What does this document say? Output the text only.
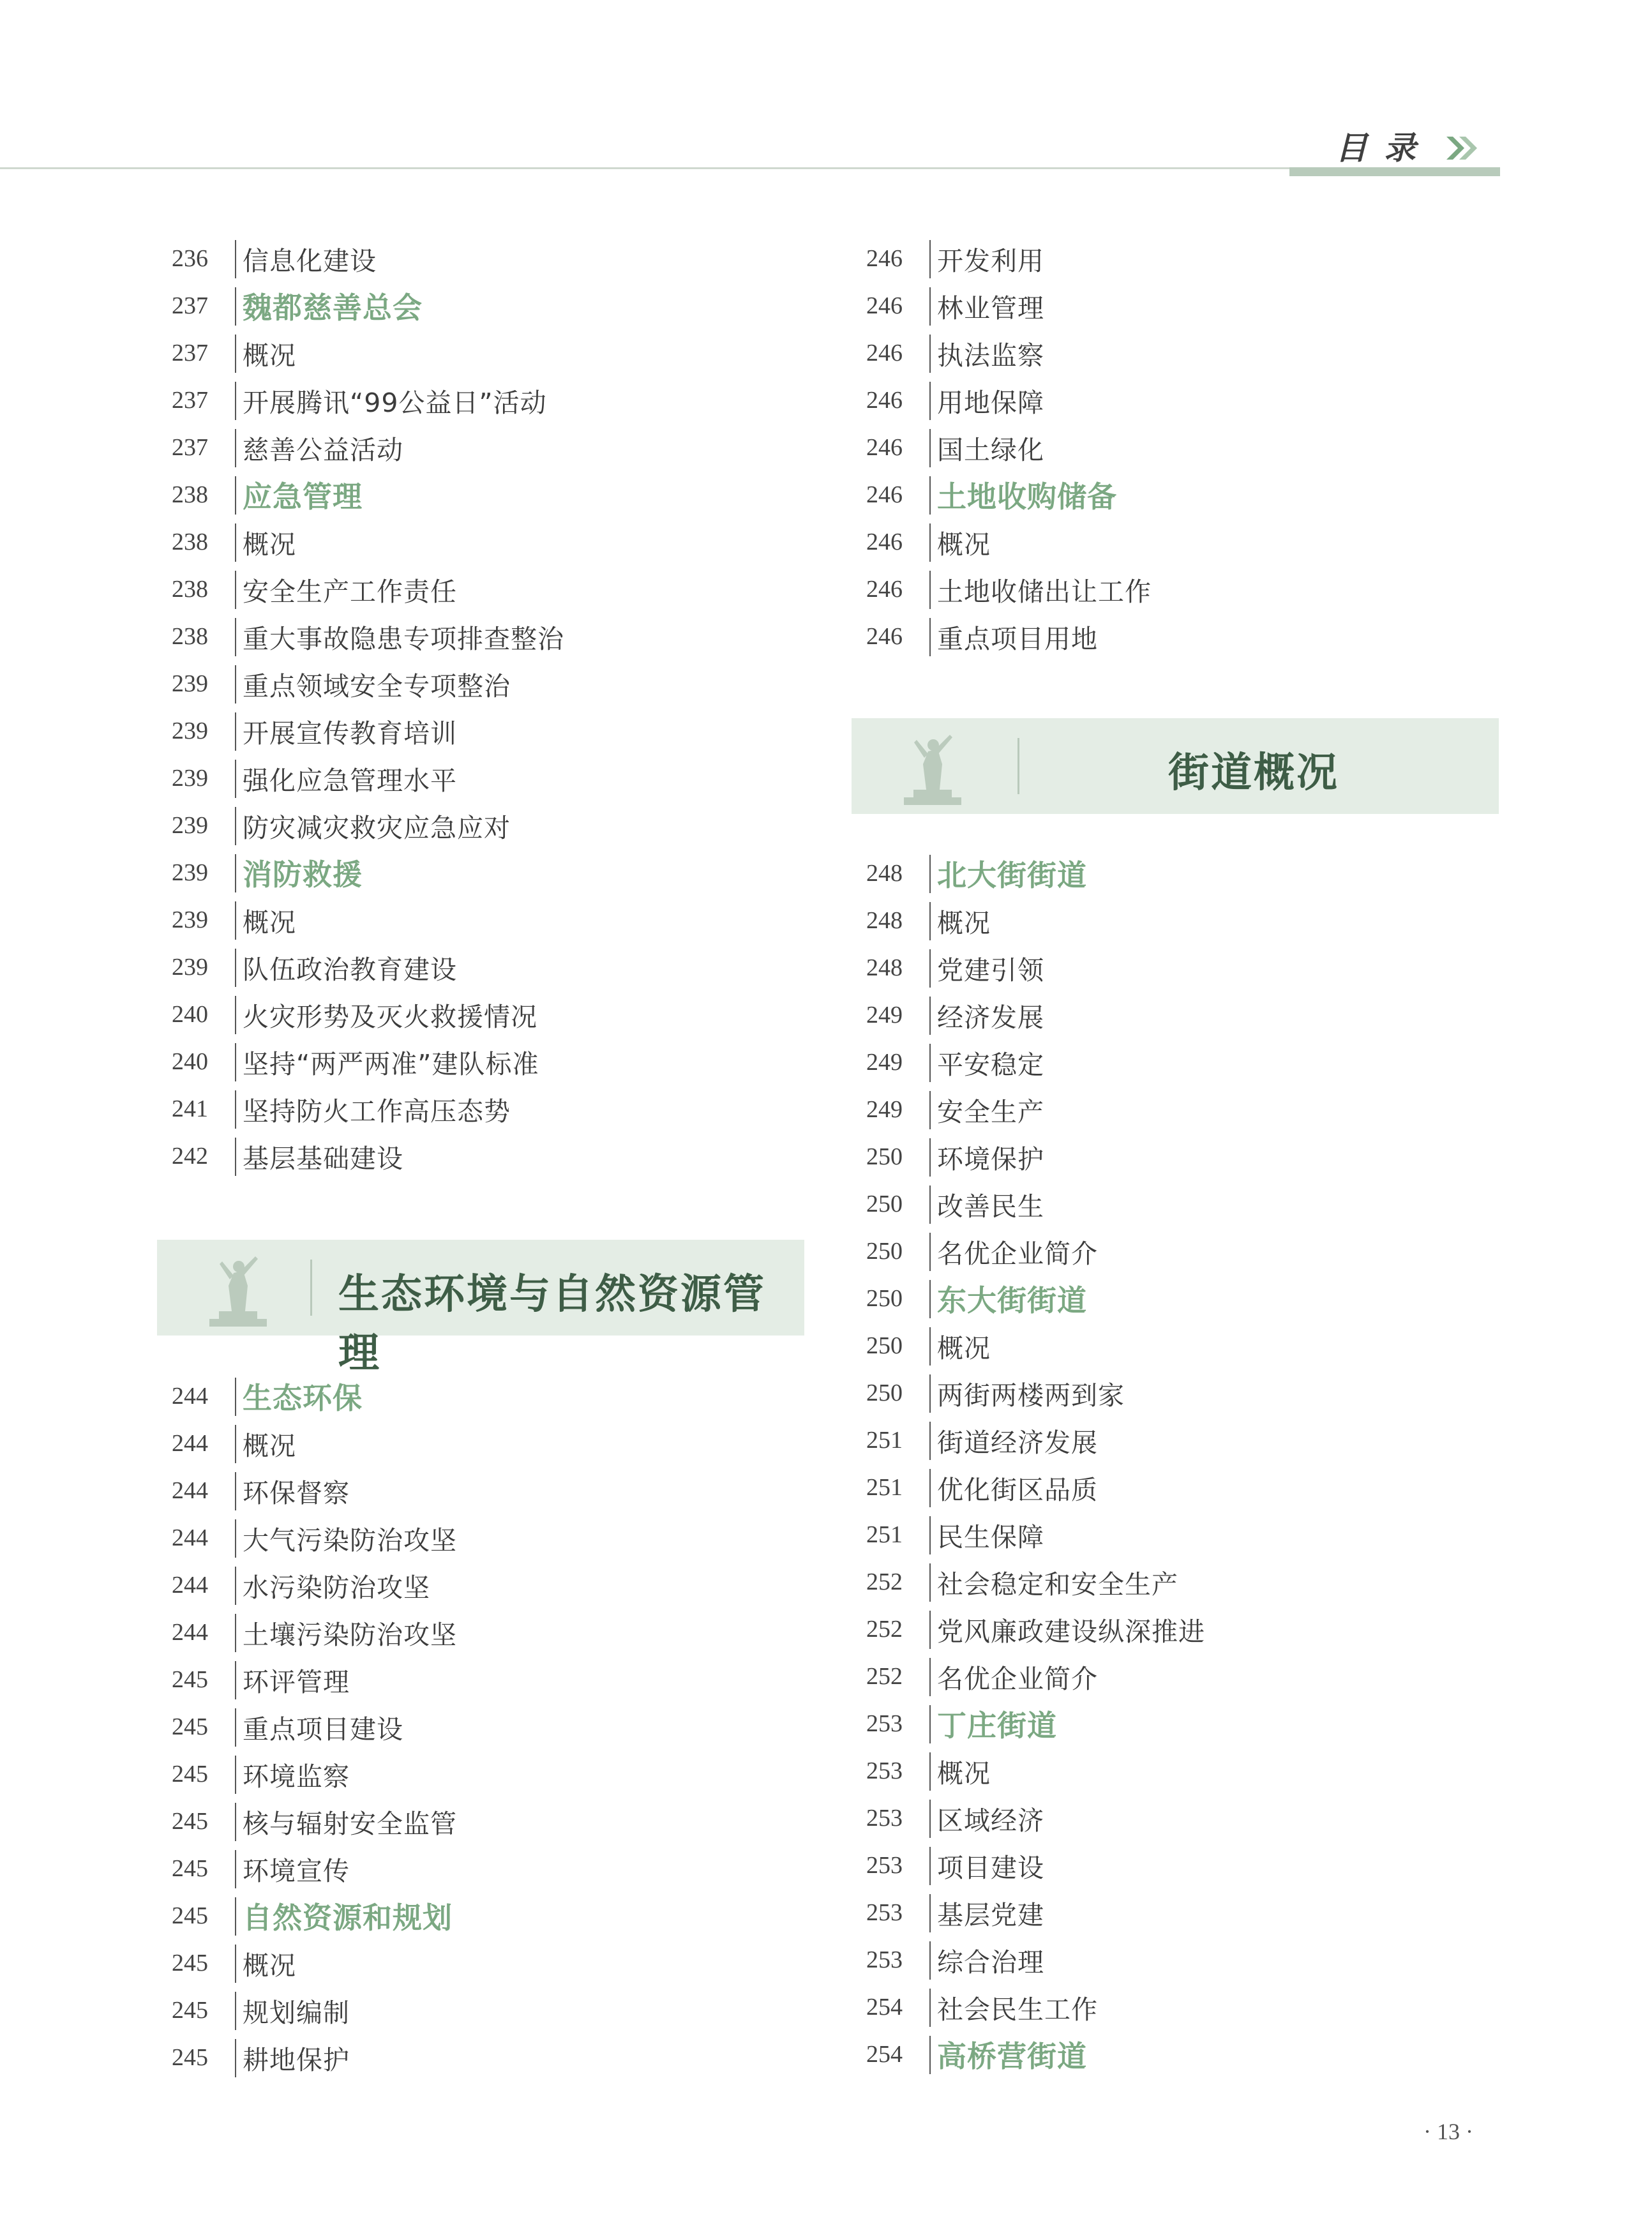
目录
236	信息化建设
237	魏都慈善总会
237	概况
237	开展腾讯“99公益日”活动
237	慈善公益活动
238	应急管理
238	概况
238	安全生产工作责任
238	重大事故隐患专项排查整治
239	重点领域安全专项整治
239	开展宣传教育培训
239	强化应急管理水平
239	防灾减灾救灾应急应对
239	消防救援
239	概况
239	队伍政治教育建设
240	火灾形势及灭火救援情况
240	坚持“两严两准”建队标准
241	坚持防火工作高压态势
242	基层基础建设
生态环境与自然资源管理
244	生态环保
244	概况
244	环保督察
244	大气污染防治攻坚
244	水污染防治攻坚
244	土壤污染防治攻坚
245	环评管理
245	重点项目建设
245	环境监察
245	核与辐射安全监管
245	环境宣传
245	自然资源和规划
245	概况
245	规划编制
245	耕地保护
246	开发利用
246	林业管理
246	执法监察
246	用地保障
246	国土绿化
246	土地收购储备
246	概况
246	土地收储出让工作
246	重点项目用地
街道概况
248	北大街街道
248	概况
248	党建引领
249	经济发展
249	平安稳定
249	安全生产
250	环境保护
250	改善民生
250	名优企业简介
250	东大街街道
250	概况
250	两街两楼两到家
251	街道经济发展
251	优化街区品质
251	民生保障
252	社会稳定和安全生产
252	党风廉政建设纵深推进
252	名优企业简介
253	丁庄街道
253	概况
253	区域经济
253	项目建设
253	基层党建
253	综合治理
254	社会民生工作
254	高桥营街道
· 13 ·
